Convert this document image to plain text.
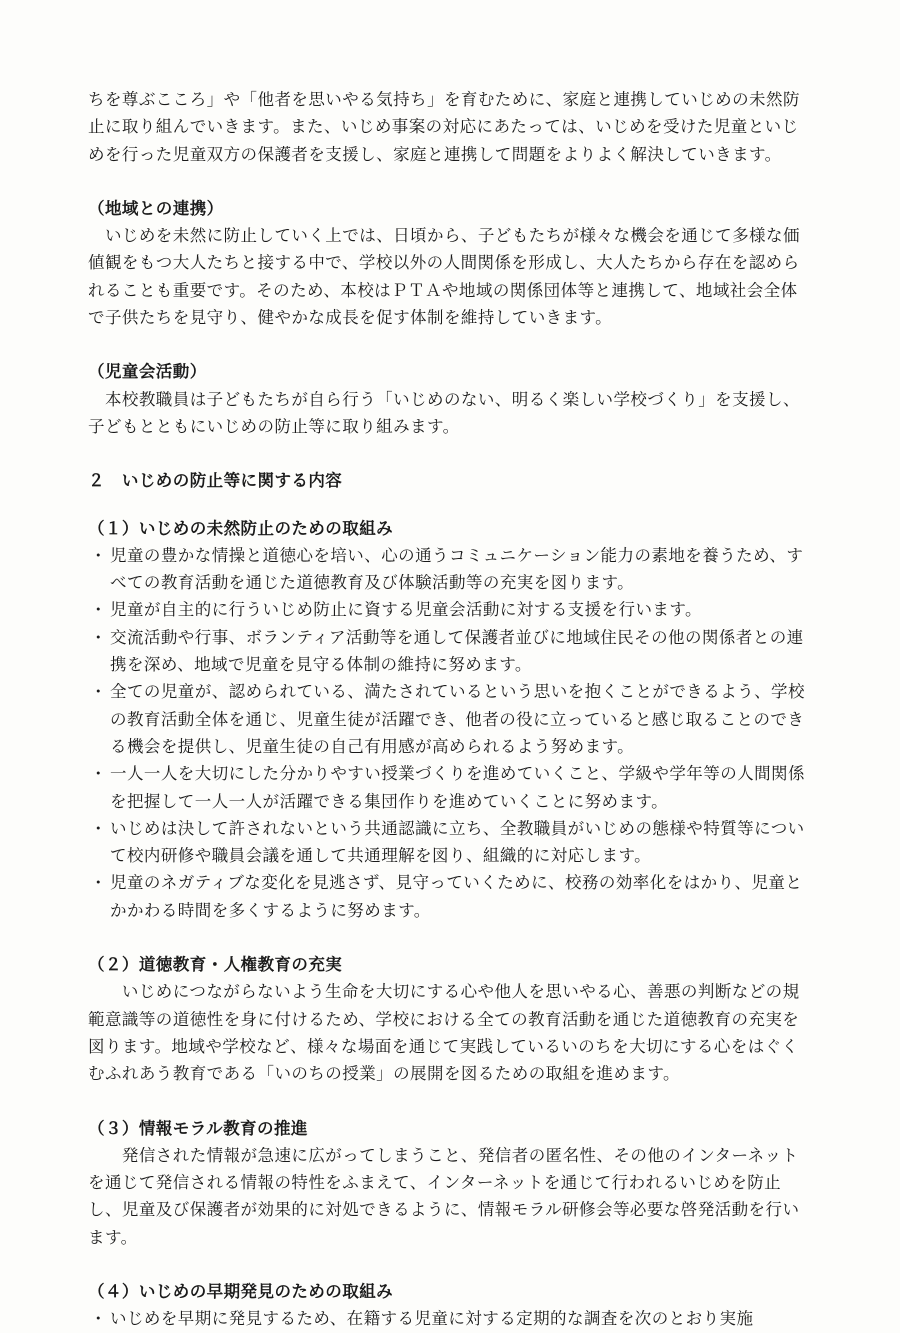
ちを尊ぶこころ」や「他者を思いやる気持ち」を育むために、家庭と連携していじめの未然防止に取り組んでいきます。また、いじめ事案の対応にあたっては、いじめを受けた児童といじめを行った児童双方の保護者を支援し、家庭と連携して問題をよりよく解決していきます。

（地域との連携）

　いじめを未然に防止していく上では、日頃から、子どもたちが様々な機会を通じて多様な価値観をもつ大人たちと接する中で、学校以外の人間関係を形成し、大人たちから存在を認められることも重要です。そのため、本校はＰＴＡや地域の関係団体等と連携して、地域社会全体で子供たちを見守り、健やかな成長を促す体制を維持していきます。

（児童会活動）

　本校教職員は子どもたちが自ら行う「いじめのない、明るく楽しい学校づくり」を支援し、子どもとともにいじめの防止等に取り組みます。

２　いじめの防止等に関する内容

（１）いじめの未然防止のための取組み

・ 児童の豊かな情操と道徳心を培い、心の通うコミュニケーション能力の素地を養うため、すべての教育活動を通じた道徳教育及び体験活動等の充実を図ります。
・ 児童が自主的に行ういじめ防止に資する児童会活動に対する支援を行います。
・ 交流活動や行事、ボランティア活動等を通して保護者並びに地域住民その他の関係者との連携を深め、地域で児童を見守る体制の維持に努めます。
・ 全ての児童が、認められている、満たされているという思いを抱くことができるよう、学校の教育活動全体を通じ、児童生徒が活躍でき、他者の役に立っていると感じ取ることのできる機会を提供し、児童生徒の自己有用感が高められるよう努めます。
・ 一人一人を大切にした分かりやすい授業づくりを進めていくこと、学級や学年等の人間関係を把握して一人一人が活躍できる集団作りを進めていくことに努めます。
・ いじめは決して許されないという共通認識に立ち、全教職員がいじめの態様や特質等について校内研修や職員会議を通して共通理解を図り、組織的に対応します。
・ 児童のネガティブな変化を見逃さず、見守っていくために、校務の効率化をはかり、児童とかかわる時間を多くするように努めます。

（２）道徳教育・人権教育の充実

　　いじめにつながらないよう生命を大切にする心や他人を思いやる心、善悪の判断などの規範意識等の道徳性を身に付けるため、学校における全ての教育活動を通じた道徳教育の充実を図ります。地域や学校など、様々な場面を通じて実践しているいのちを大切にする心をはぐくむふれあう教育である「いのちの授業」の展開を図るための取組を進めます。

（３）情報モラル教育の推進

　　発信された情報が急速に広がってしまうこと、発信者の匿名性、その他のインターネットを通じて発信される情報の特性をふまえて、インターネットを通じて行われるいじめを防止し、児童及び保護者が効果的に対処できるように、情報モラル研修会等必要な啓発活動を行います。

（４）いじめの早期発見のための取組み

・ いじめを早期に発見するため、在籍する児童に対する定期的な調査を次のとおり実施
